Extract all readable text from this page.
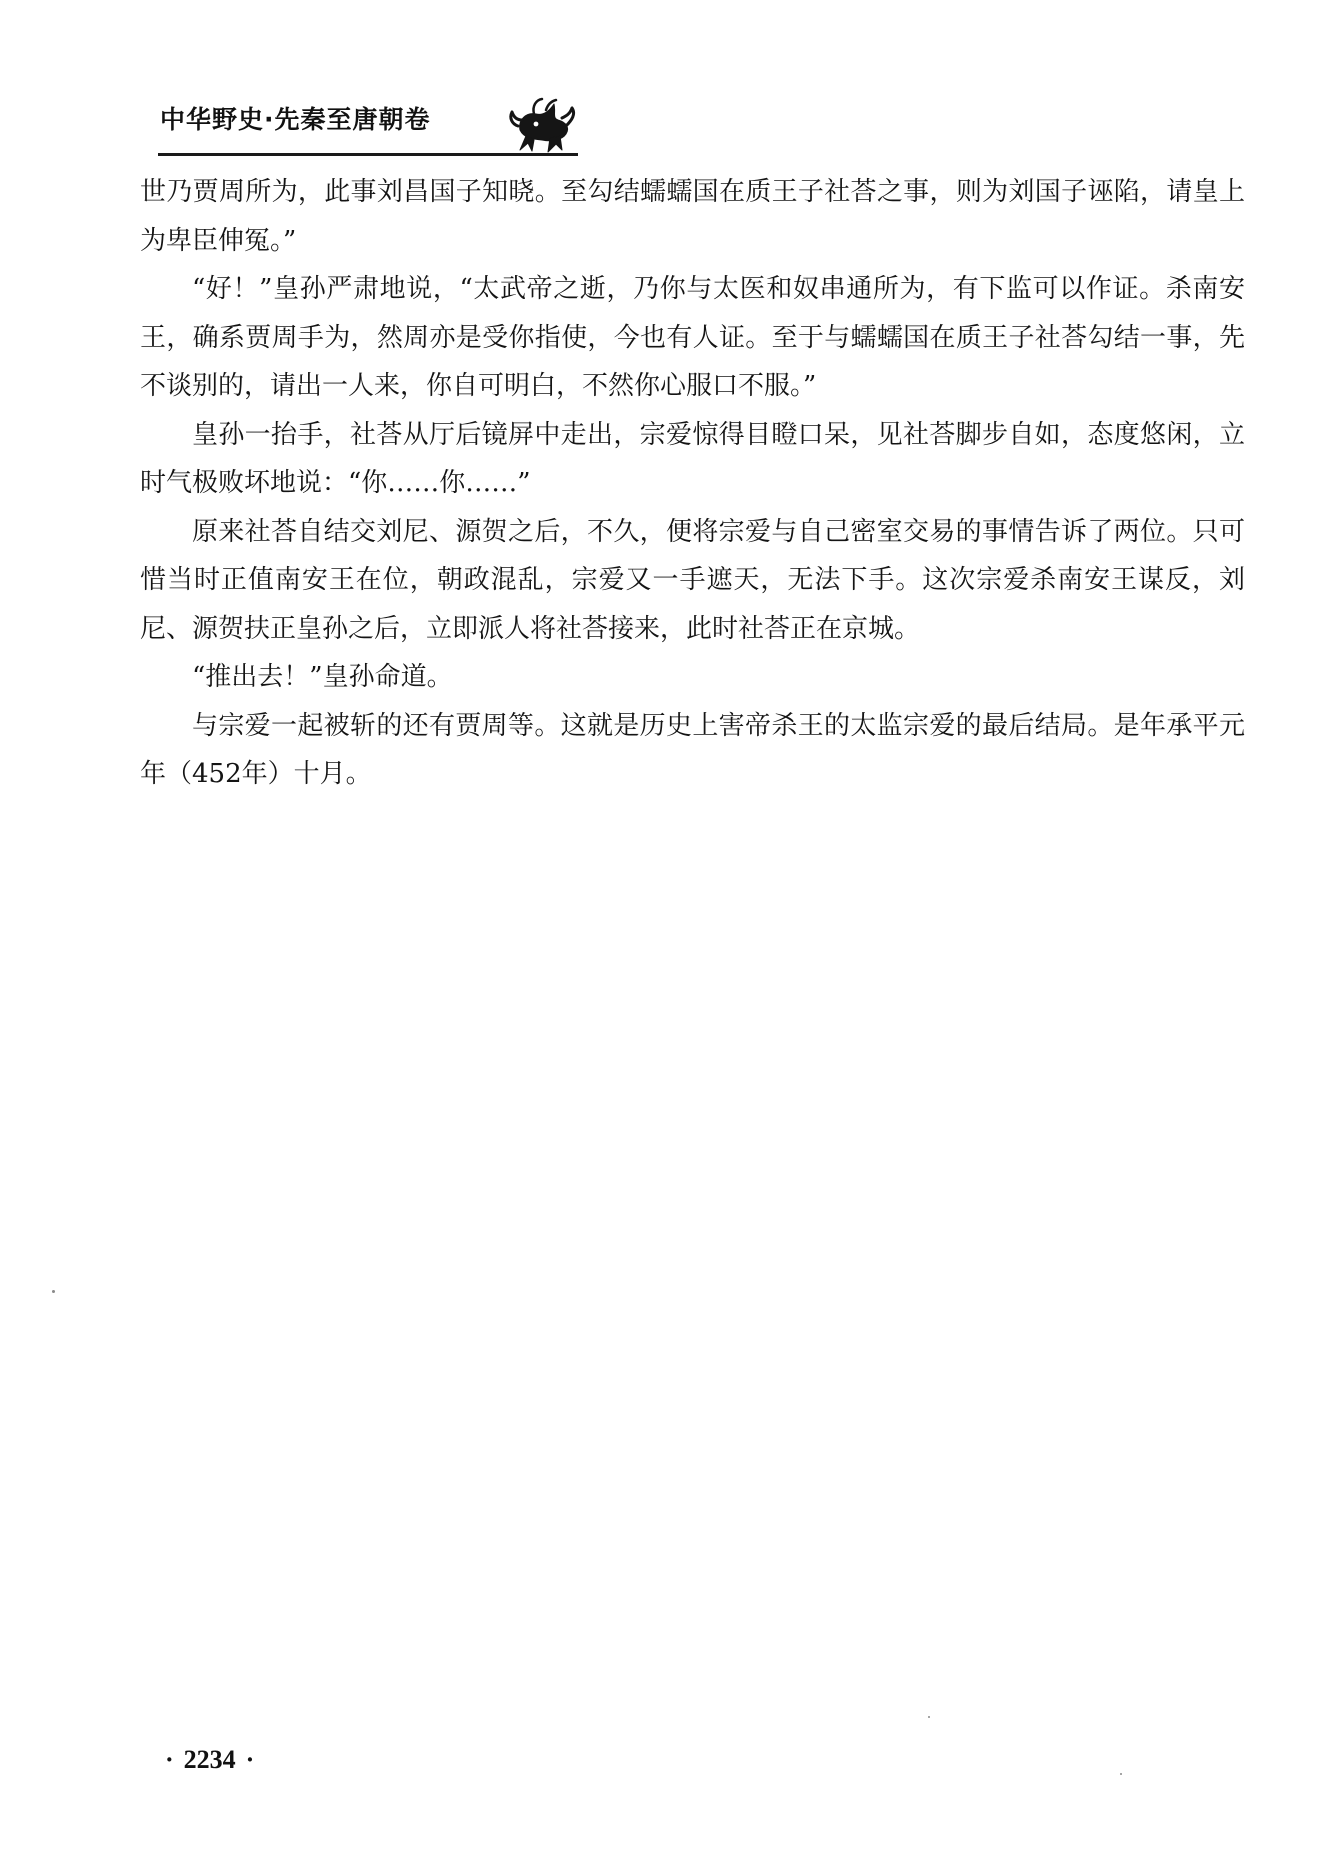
中华野史·先秦至唐朝卷

世乃贾周所为，此事刘昌国子知晓。至勾结蠕蠕国在质王子社荅之事，则为刘国子诬陷，请皇上为卑臣伸冤。”

“好！”皇孙严肃地说，“太武帝之逝，乃你与太医和奴串通所为，有下监可以作证。杀南安王，确系贾周手为，然周亦是受你指使，今也有人证。至于与蠕蠕国在质王子社荅勾结一事，先不谈别的，请出一人来，你自可明白，不然你心服口不服。”

皇孙一抬手，社荅从厅后镜屏中走出，宗爱惊得目瞪口呆，见社荅脚步自如，态度悠闲，立时气极败坏地说：“你……你……”

原来社荅自结交刘尼、源贺之后，不久，便将宗爱与自己密室交易的事情告诉了两位。只可惜当时正值南安王在位，朝政混乱，宗爱又一手遮天，无法下手。这次宗爱杀南安王谋反，刘尼、源贺扶正皇孙之后，立即派人将社荅接来，此时社荅正在京城。

“推出去！”皇孙命道。

与宗爱一起被斩的还有贾周等。这就是历史上害帝杀王的太监宗爱的最后结局。是年承平元年（452年）十月。

· 2234 ·
